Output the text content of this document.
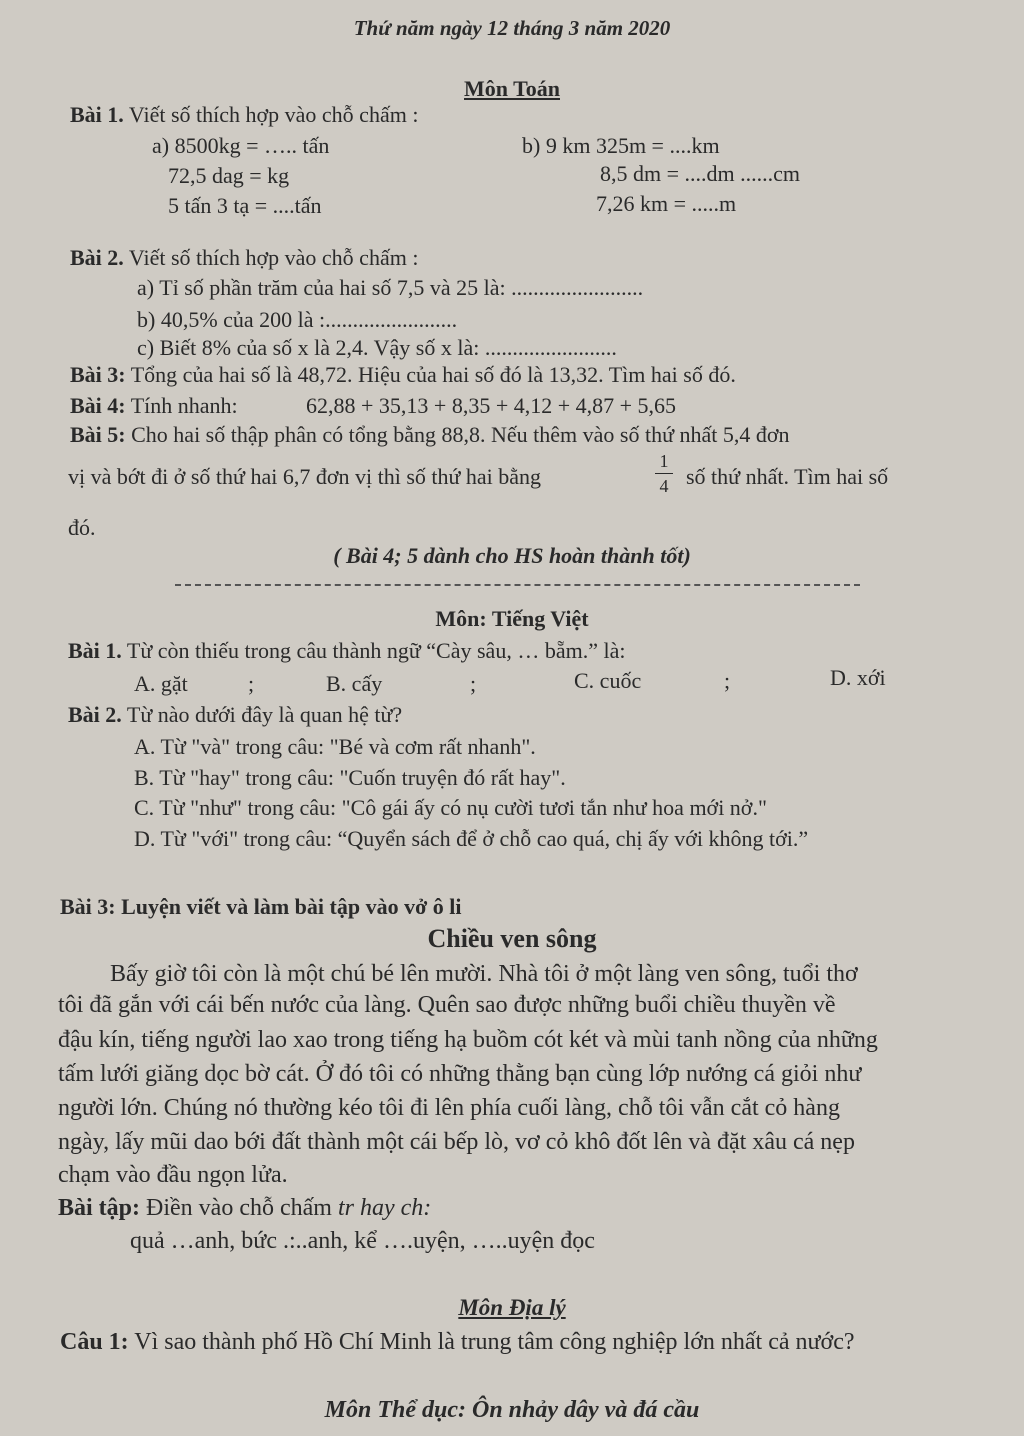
Thứ năm ngày 12 tháng 3 năm 2020
Môn Toán
Bài 1. Viết số thích hợp vào chỗ chấm :
a) 8500kg = ….. tấn
72,5 dag = kg
5 tấn 3 tạ = ....tấn
b) 9 km 325m = ....km
8,5 dm = ....dm ......cm
7,26 km = .....m
Bài 2. Viết số thích hợp vào chỗ chấm :
a) Tỉ số phần trăm của hai số 7,5 và 25 là: ........................
b) 40,5% của 200 là :........................
c) Biết 8% của số x là 2,4. Vậy số x là: ........................
Bài 3: Tổng của hai số là 48,72. Hiệu của hai số đó là 13,32. Tìm hai số đó.
Bài 4: Tính nhanh:	62,88 + 35,13 + 8,35 + 4,12 + 4,87 + 5,65
Bài 5: Cho hai số thập phân có tổng bằng 88,8. Nếu thêm vào số thứ nhất 5,4 đơn
vị và bớt đi ở số thứ hai 6,7 đơn vị thì số thứ hai bằng
1
4 số thứ nhất. Tìm hai số
đó.
( Bài 4; 5 dành cho HS hoàn thành tốt)
Môn: Tiếng Việt
Bài 1. Từ còn thiếu trong câu thành ngữ “Cày sâu, … bẵm.” là:
A. gặt	;	B. cấy	;	C. cuốc	;	D. xới
Bài 2. Từ nào dưới đây là quan hệ từ?
A. Từ "và" trong câu: "Bé và cơm rất nhanh".
B. Từ "hay" trong câu: "Cuốn truyện đó rất hay".
C. Từ "như" trong câu: "Cô gái ấy có nụ cười tươi tắn như hoa mới nở."
D. Từ "với" trong câu: “Quyển sách để ở chỗ cao quá, chị ấy với không tới.”
Bài 3: Luyện viết và làm bài tập vào vở ô li
Chiều ven sông
Bấy giờ tôi còn là một chú bé lên mười. Nhà tôi ở một làng ven sông, tuổi thơ
tôi đã gắn với cái bến nước của làng. Quên sao được những buổi chiều thuyền về
đậu kín, tiếng người lao xao trong tiếng hạ buồm cót két và mùi tanh nồng của những
tấm lưới giăng dọc bờ cát. Ở đó tôi có những thằng bạn cùng lớp nướng cá giỏi như
người lớn. Chúng nó thường kéo tôi đi lên phía cuối làng, chỗ tôi vẫn cắt cỏ hàng
ngày, lấy mũi dao bới đất thành một cái bếp lò, vơ cỏ khô đốt lên và đặt xâu cá nẹp
chạm vào đầu ngọn lửa.
Bài tập: Điền vào chỗ chấm tr hay ch:
quả …anh, bức .:..anh, kể ….uyện, …..uyện đọc
Môn Địa lý
Câu 1: Vì sao thành phố Hồ Chí Minh là trung tâm công nghiệp lớn nhất cả nước?
Môn Thể dục: Ôn nhảy dây và đá cầu
